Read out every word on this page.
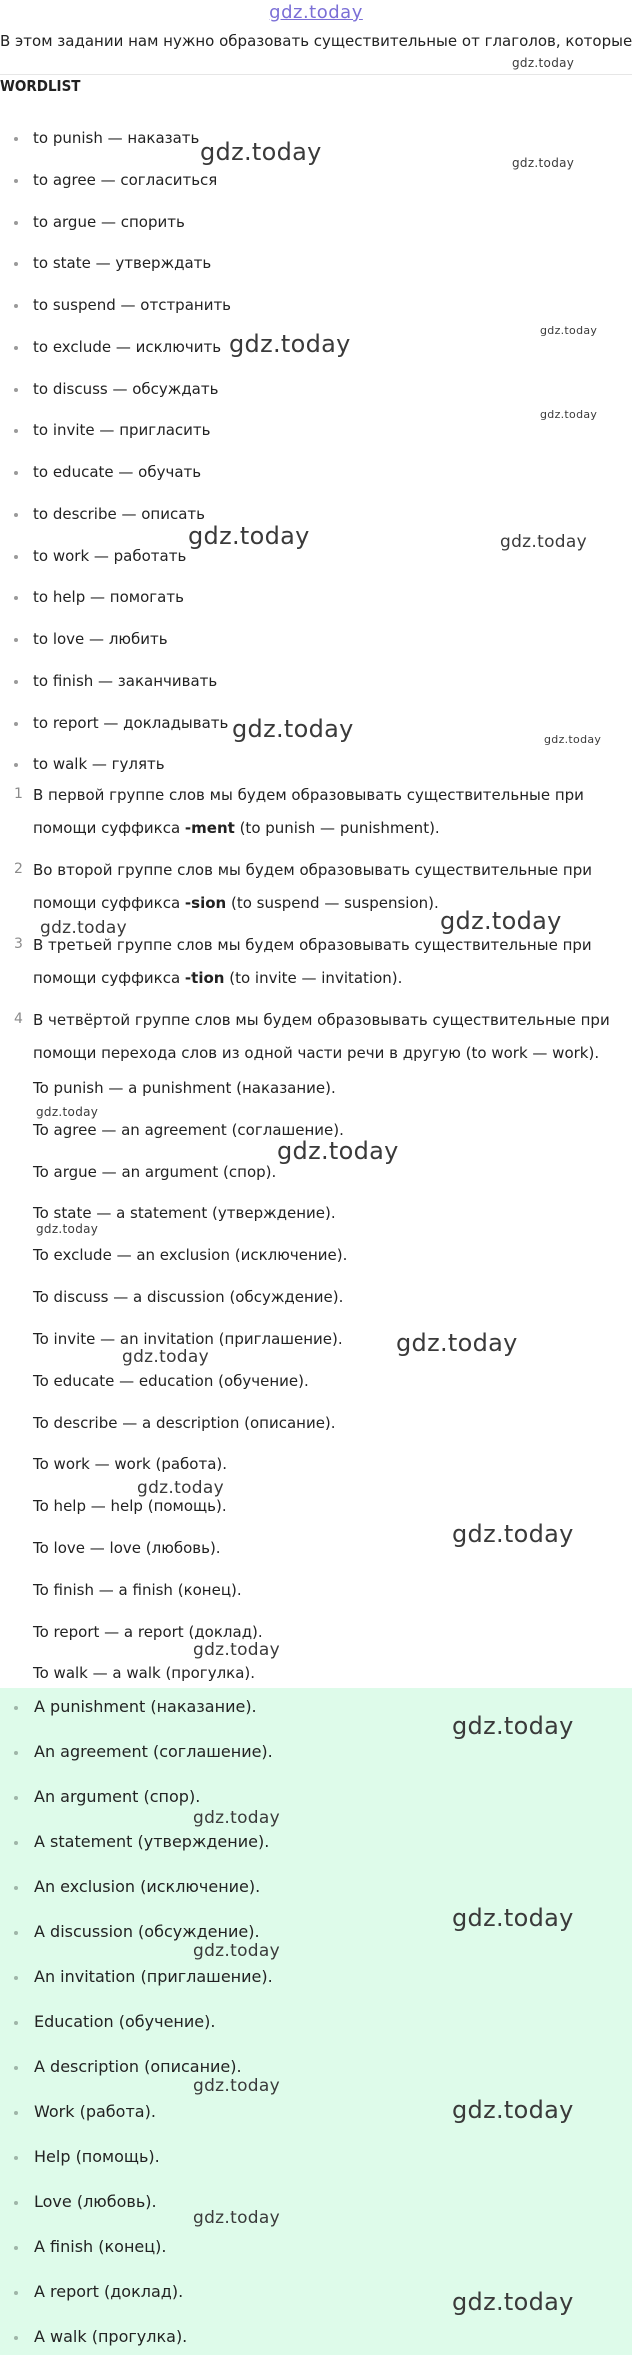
gdz.today
В этом задании нам нужно образовать существительные от глаголов, которые
WORDLIST
to punish — наказать
to agree — согласиться
to argue — спорить
to state — утверждать
to suspend — отстранить
to exclude — исключить
to discuss — обсуждать
to invite — пригласить
to educate — обучать
to describe — описать
to work — работать
to help — помогать
to love — любить
to finish — заканчивать
to report — докладывать
to walk — гулять
1 В первой группе слов мы будем образовывать существительные при
помощи суффикса -ment (to punish — punishment).
2 Во второй группе слов мы будем образовывать существительные при
помощи суффикса -sion (to suspend — suspension).
3 В третьей группе слов мы будем образовывать существительные при
помощи суффикса -tion (to invite — invitation).
4 В четвёртой группе слов мы будем образовывать существительные при
помощи перехода слов из одной части речи в другую (to work — work).
To punish — a punishment (наказание).
To agree — an agreement (соглашение).
To argue — an argument (спор).
To state — a statement (утверждение).
To exclude — an exclusion (исключение).
To discuss — a discussion (обсуждение).
To invite — an invitation (приглашение).
To educate — education (обучение).
To describe — a description (описание).
To work — work (работа).
To help — help (помощь).
To love — love (любовь).
To finish — a finish (конец).
To report — a report (доклад).
To walk — a walk (прогулка).
A punishment (наказание).
An agreement (соглашение).
An argument (спор).
A statement (утверждение).
An exclusion (исключение).
A discussion (обсуждение).
An invitation (приглашение).
Education (обучение).
A description (описание).
Work (работа).
Help (помощь).
Love (любовь).
A finish (конец).
A report (доклад).
A walk (прогулка).
gdz.today
gdz.today	gdz.today
gdz.today
gdz.today
gdz.today
gdz.today	gdz.today
gdz.today	gdz.today
gdz.today
gdz.today
gdz.today
gdz.today
gdz.today
gdz.today
gdz.today
gdz.today
gdz.today
gdz.today
gdz.today
gdz.today
gdz.today
gdz.today
gdz.today
gdz.today
gdz.today
gdz.today
